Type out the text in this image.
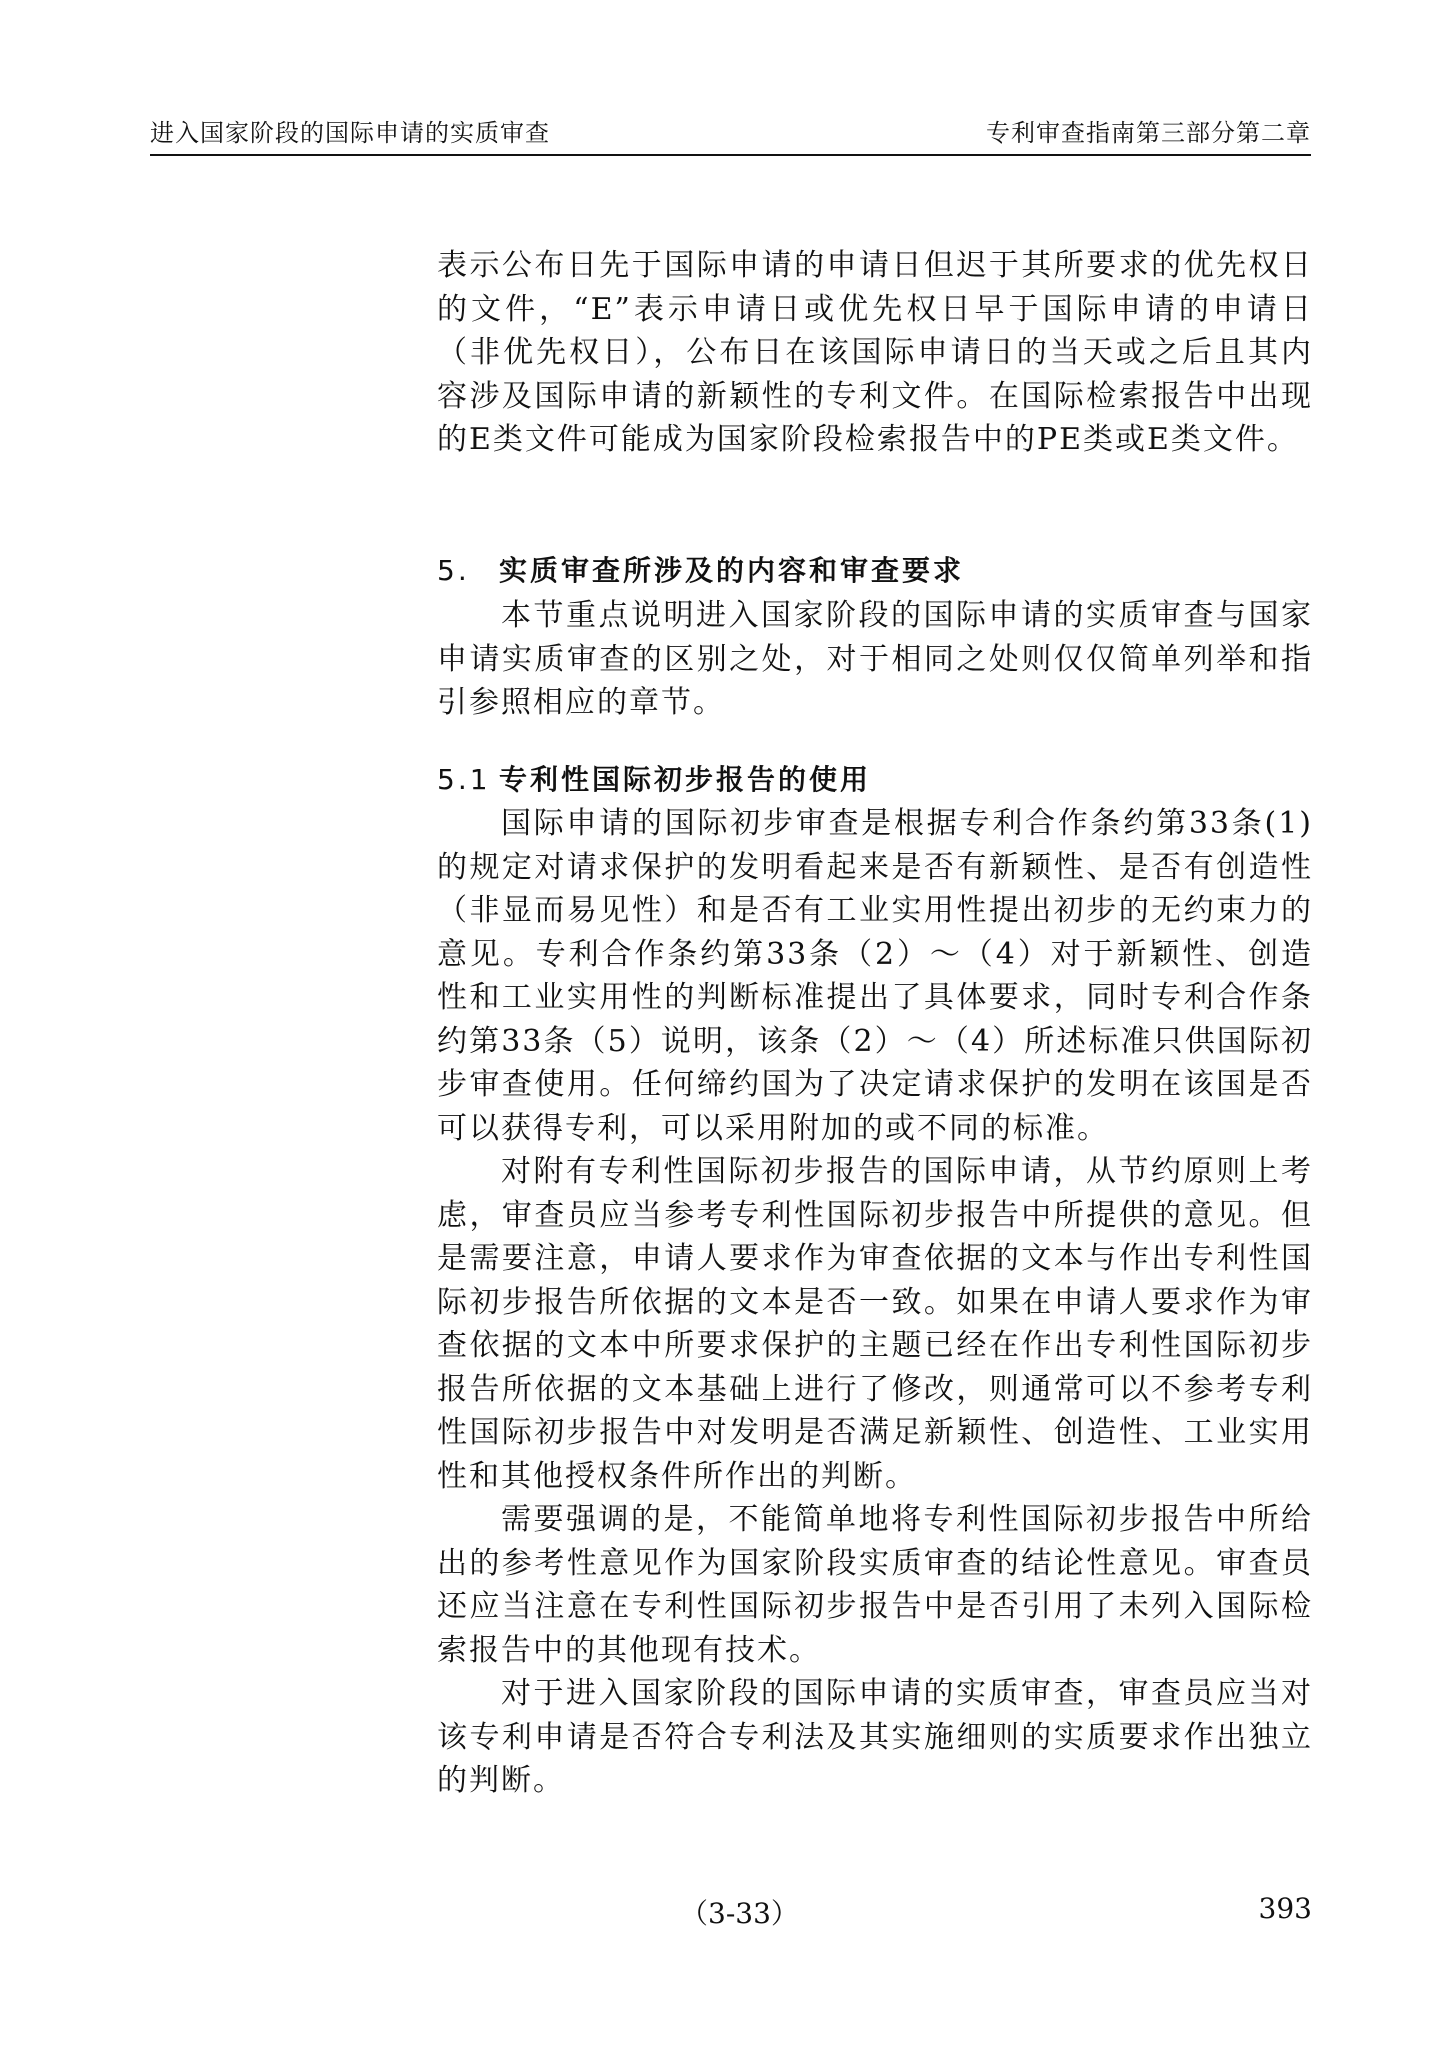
进入国家阶段的国际申请的实质审查	专利审查指南第三部分第二章

表示公布日先于国际申请的申请日但迟于其所要求的优先权日的文件，“E”表示申请日或优先权日早于国际申请的申请日（非优先权日），公布日在该国际申请日的当天或之后且其内容涉及国际申请的新颖性的专利文件。在国际检索报告中出现的E类文件可能成为国家阶段检索报告中的PE类或E类文件。

5. 实质审查所涉及的内容和审查要求

本节重点说明进入国家阶段的国际申请的实质审查与国家申请实质审查的区别之处，对于相同之处则仅仅简单列举和指引参照相应的章节。

5.1 专利性国际初步报告的使用

国际申请的国际初步审查是根据专利合作条约第33条(1)的规定对请求保护的发明看起来是否有新颖性、是否有创造性（非显而易见性）和是否有工业实用性提出初步的无约束力的意见。专利合作条约第33条（2）～（4）对于新颖性、创造性和工业实用性的判断标准提出了具体要求，同时专利合作条约第33条（5）说明，该条（2）～（4）所述标准只供国际初步审查使用。任何缔约国为了决定请求保护的发明在该国是否可以获得专利，可以采用附加的或不同的标准。

对附有专利性国际初步报告的国际申请，从节约原则上考虑，审查员应当参考专利性国际初步报告中所提供的意见。但是需要注意，申请人要求作为审查依据的文本与作出专利性国际初步报告所依据的文本是否一致。如果在申请人要求作为审查依据的文本中所要求保护的主题已经在作出专利性国际初步报告所依据的文本基础上进行了修改，则通常可以不参考专利性国际初步报告中对发明是否满足新颖性、创造性、工业实用性和其他授权条件所作出的判断。

需要强调的是，不能简单地将专利性国际初步报告中所给出的参考性意见作为国家阶段实质审查的结论性意见。审查员还应当注意在专利性国际初步报告中是否引用了未列入国际检索报告中的其他现有技术。

对于进入国家阶段的国际申请的实质审查，审查员应当对该专利申请是否符合专利法及其实施细则的实质要求作出独立的判断。

（3-33）	393
